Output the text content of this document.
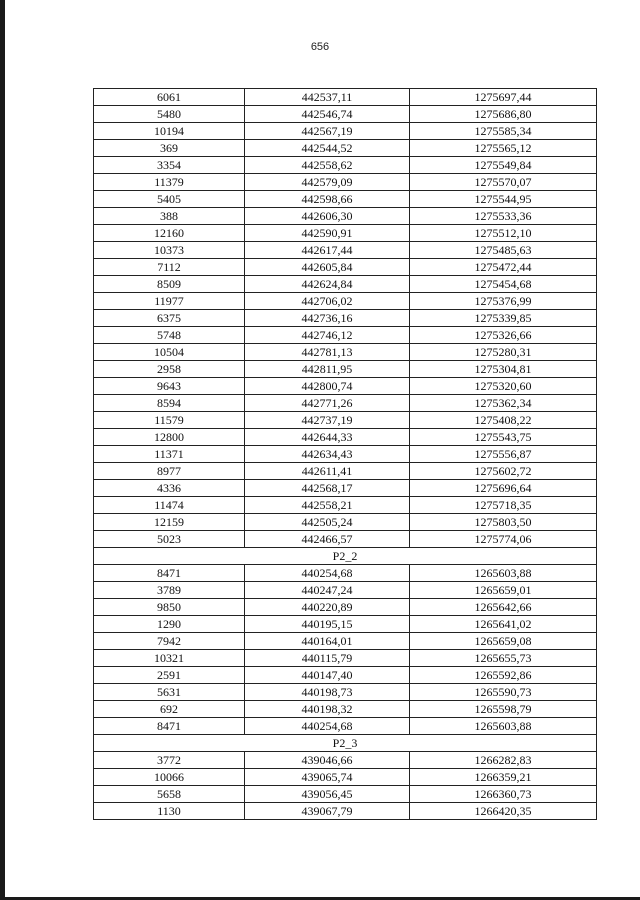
656
6061	442537,11	1275697,44
5480	442546,74	1275686,80
10194	442567,19	1275585,34
369	442544,52	1275565,12
3354	442558,62	1275549,84
11379	442579,09	1275570,07
5405	442598,66	1275544,95
388	442606,30	1275533,36
12160	442590,91	1275512,10
10373	442617,44	1275485,63
7112	442605,84	1275472,44
8509	442624,84	1275454,68
11977	442706,02	1275376,99
6375	442736,16	1275339,85
5748	442746,12	1275326,66
10504	442781,13	1275280,31
2958	442811,95	1275304,81
9643	442800,74	1275320,60
8594	442771,26	1275362,34
11579	442737,19	1275408,22
12800	442644,33	1275543,75
11371	442634,43	1275556,87
8977	442611,41	1275602,72
4336	442568,17	1275696,64
11474	442558,21	1275718,35
12159	442505,24	1275803,50
5023	442466,57	1275774,06
P2_2		
8471	440254,68	1265603,88
3789	440247,24	1265659,01
9850	440220,89	1265642,66
1290	440195,15	1265641,02
7942	440164,01	1265659,08
10321	440115,79	1265655,73
2591	440147,40	1265592,86
5631	440198,73	1265590,73
692	440198,32	1265598,79
8471	440254,68	1265603,88
P2_3		
3772	439046,66	1266282,83
10066	439065,74	1266359,21
5658	439056,45	1266360,73
1130	439067,79	1266420,35
